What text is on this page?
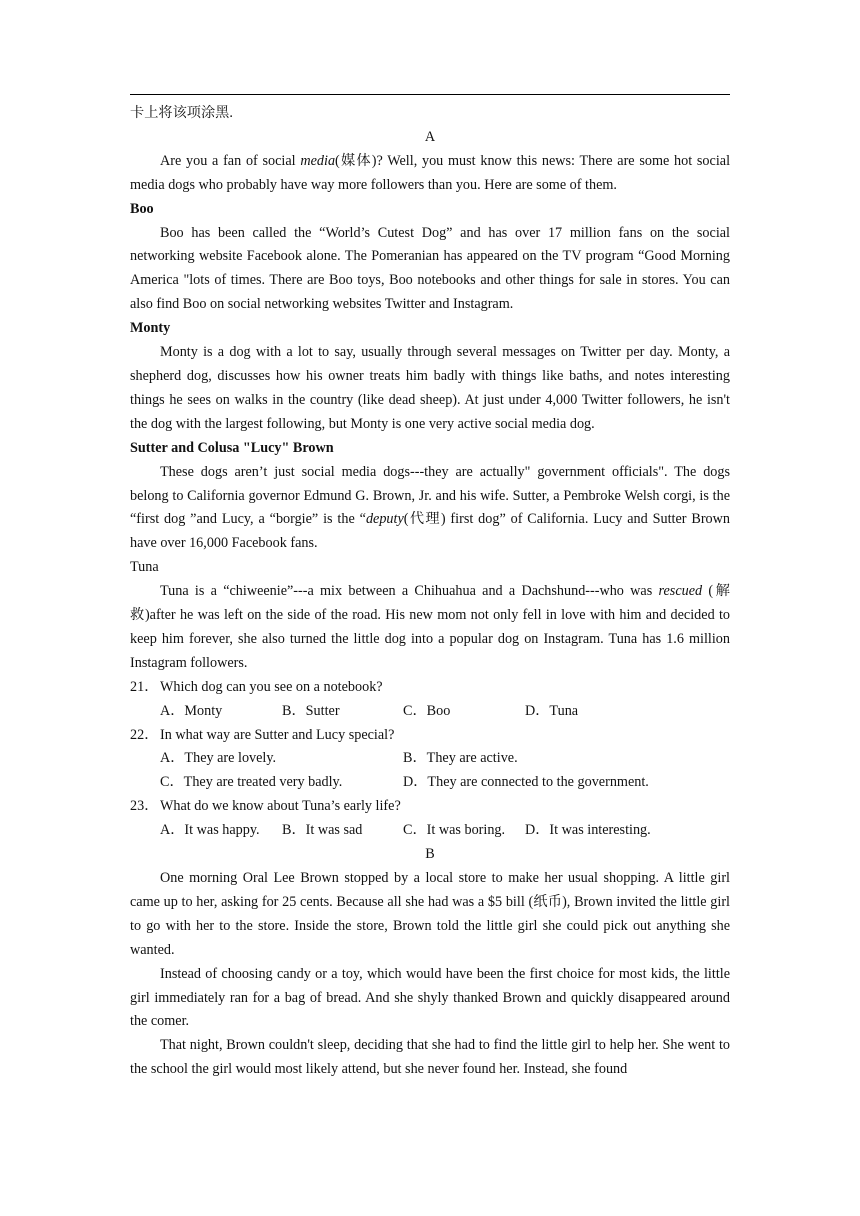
卡上将该项涂黑.

A

Are you a fan of social media(媒体)? Well, you must know this news: There are some hot social media dogs who probably have way more followers than you. Here are some of them.

Boo

Boo has been called the “World’s Cutest Dog” and has over 17 million fans on the social networking website Facebook alone. The Pomeranian has appeared on the TV program “Good Morning America "lots of times. There are Boo toys, Boo notebooks and other things for sale in stores. You can also find Boo on social networking websites Twitter and Instagram.

Monty

Monty is a dog with a lot to say, usually through several messages on Twitter per day. Monty, a shepherd dog, discusses how his owner treats him badly with things like baths, and notes interesting things he sees on walks in the country (like dead sheep). At just under 4,000 Twitter followers, he isn't the dog with the largest following, but Monty is one very active social media dog.

Sutter and Colusa "Lucy" Brown

These dogs aren’t just social media dogs---they are actually" government officials". The dogs belong to California governor Edmund G. Brown, Jr. and his wife. Sutter, a Pembroke Welsh corgi, is the “first dog ”and Lucy, a “borgie” is the “deputy(代理) first dog” of California. Lucy and Sutter Brown have over 16,000 Facebook fans.

Tuna

Tuna is a “chiweenie”---a mix between a Chihuahua and a Dachshund---who was rescued (解救)after he was left on the side of the road. His new mom not only fell in love with him and decided to keep him forever, she also turned the little dog into a popular dog on Instagram. Tuna has 1.6 million Instagram followers.

21． Which dog can you see on a notebook?
A．Monty	B．Sutter	C．Boo	D．Tuna
22． In what way are Sutter and Lucy special?
A．They are lovely.	B．They are active.
C．They are treated very badly.	D．They are connected to the government.
23． What do we know about Tuna’s early life?
A．It was happy.	B．It was sad	C．It was boring.	D．It was interesting.

B

One morning Oral Lee Brown stopped by a local store to make her usual shopping. A little girl came up to her, asking for 25 cents. Because all she had was a $5 bill (纸币), Brown invited the little girl to go with her to the store. Inside the store, Brown told the little girl she could pick out anything she wanted.

Instead of choosing candy or a toy, which would have been the first choice for most kids, the little girl immediately ran for a bag of bread. And she shyly thanked Brown and quickly disappeared around the comer.

That night, Brown couldn't sleep, deciding that she had to find the little girl to help her. She went to the school the girl would most likely attend, but she never found her. Instead, she found
